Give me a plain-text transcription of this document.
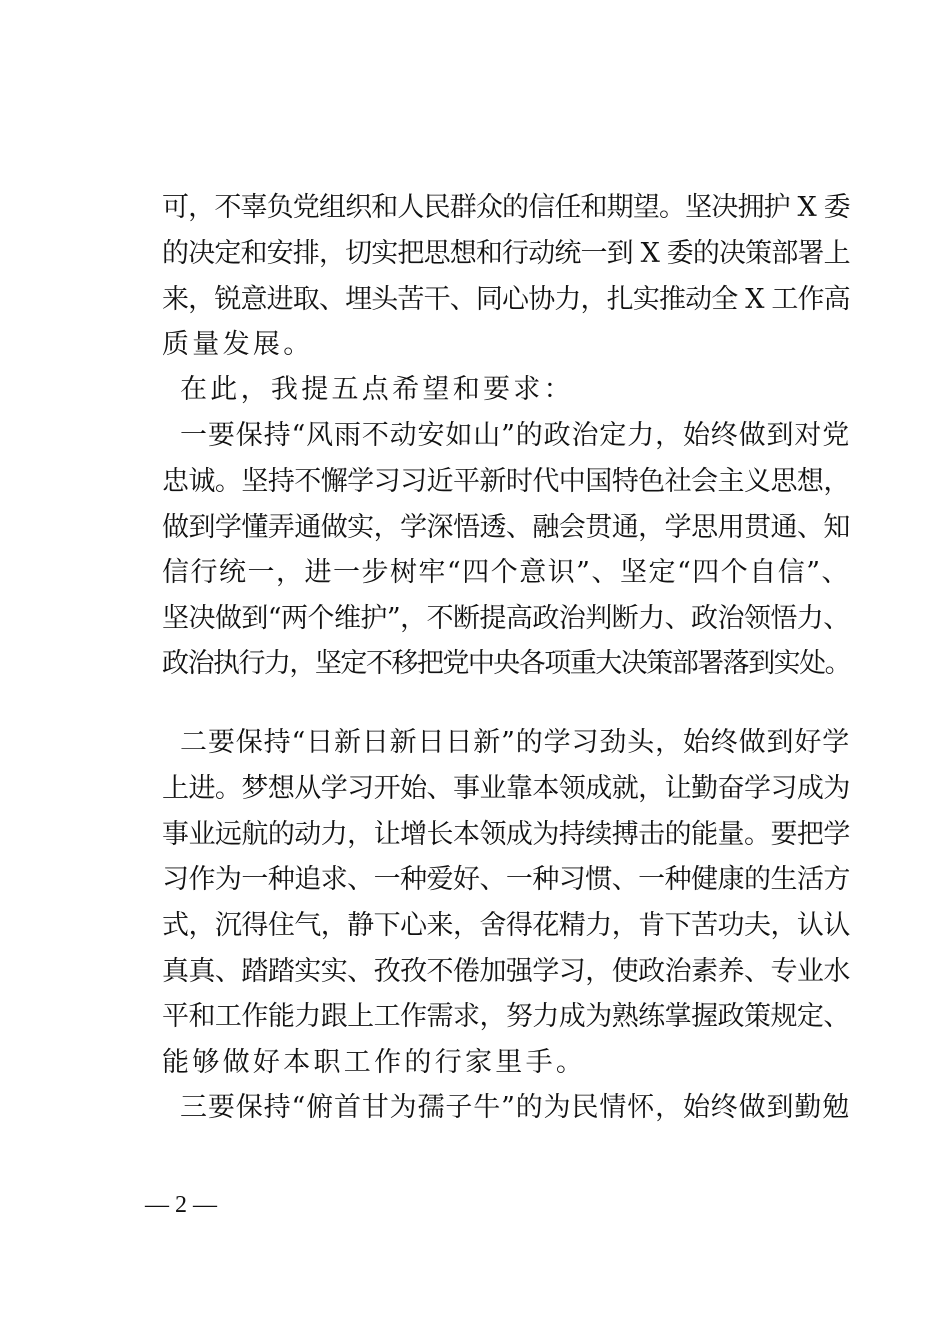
可，不辜负党组织和人民群众的信任和期望。坚决拥护 X 委
的决定和安排，切实把思想和行动统一到 X 委的决策部署上
来，锐意进取、埋头苦干、同心协力，扎实推动全 X 工作高
质量发展。
在此，我提五点希望和要求：
一要保持“风雨不动安如山”的政治定力，始终做到对党
忠诚。坚持不懈学习习近平新时代中国特色社会主义思想，
做到学懂弄通做实，学深悟透、融会贯通，学思用贯通、知
信行统一，进一步树牢“四个意识”、坚定“四个自信”、
坚决做到“两个维护”，不断提高政治判断力、政治领悟力、
政治执行力，坚定不移把党中央各项重大决策部署落到实处。
二要保持“日新日新日日新”的学习劲头，始终做到好学
上进。梦想从学习开始、事业靠本领成就，让勤奋学习成为
事业远航的动力，让增长本领成为持续搏击的能量。要把学
习作为一种追求、一种爱好、一种习惯、一种健康的生活方
式，沉得住气，静下心来，舍得花精力，肯下苦功夫，认认
真真、踏踏实实、孜孜不倦加强学习，使政治素养、专业水
平和工作能力跟上工作需求，努力成为熟练掌握政策规定、
能够做好本职工作的行家里手。
三要保持“俯首甘为孺子牛”的为民情怀，始终做到勤勉
— 2 —
